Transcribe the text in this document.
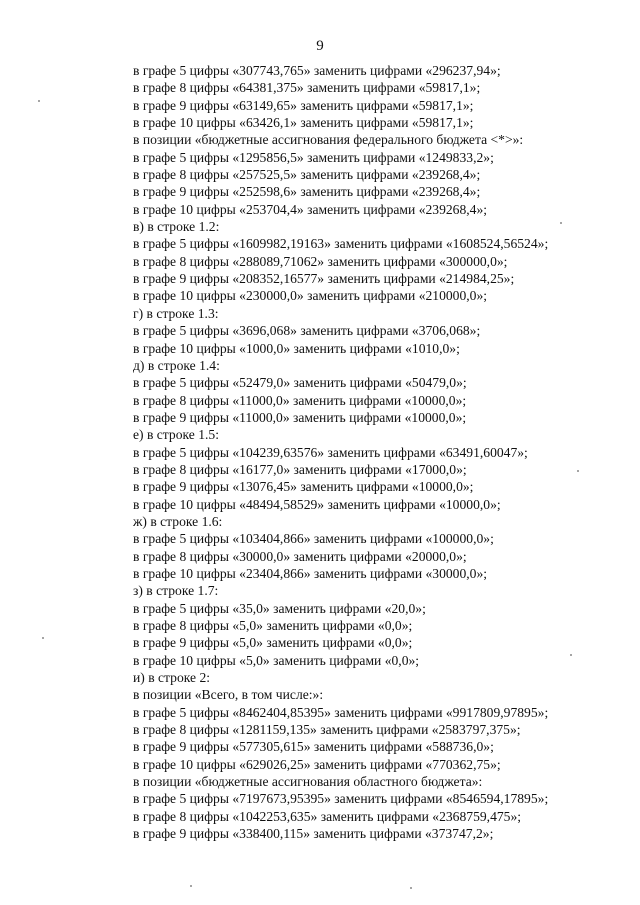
9
в графе 5 цифры «307743,765» заменить цифрами «296237,94»;
в графе 8 цифры «64381,375» заменить цифрами «59817,1»;
в графе 9 цифры «63149,65» заменить цифрами «59817,1»;
в графе 10 цифры «63426,1» заменить цифрами «59817,1»;
в позиции «бюджетные ассигнования федерального бюджета <*>»:
в графе 5 цифры «1295856,5» заменить цифрами «1249833,2»;
в графе 8 цифры «257525,5» заменить цифрами «239268,4»;
в графе 9 цифры «252598,6» заменить цифрами «239268,4»;
в графе 10 цифры «253704,4» заменить цифрами «239268,4»;
в) в строке 1.2:
в графе 5 цифры «1609982,19163» заменить цифрами «1608524,56524»;
в графе 8 цифры «288089,71062» заменить цифрами «300000,0»;
в графе 9 цифры «208352,16577» заменить цифрами «214984,25»;
в графе 10 цифры «230000,0» заменить цифрами «210000,0»;
г) в строке 1.3:
в графе 5 цифры «3696,068» заменить цифрами «3706,068»;
в графе 10 цифры «1000,0» заменить цифрами «1010,0»;
д) в строке 1.4:
в графе 5 цифры «52479,0» заменить цифрами «50479,0»;
в графе 8 цифры «11000,0» заменить цифрами «10000,0»;
в графе 9 цифры «11000,0» заменить цифрами «10000,0»;
е) в строке 1.5:
в графе 5 цифры «104239,63576» заменить цифрами «63491,60047»;
в графе 8 цифры «16177,0» заменить цифрами «17000,0»;
в графе 9 цифры «13076,45» заменить цифрами «10000,0»;
в графе 10 цифры «48494,58529» заменить цифрами «10000,0»;
ж) в строке 1.6:
в графе 5 цифры «103404,866» заменить цифрами «100000,0»;
в графе 8 цифры «30000,0» заменить цифрами «20000,0»;
в графе 10 цифры «23404,866» заменить цифрами «30000,0»;
з) в строке 1.7:
в графе 5 цифры «35,0» заменить цифрами «20,0»;
в графе 8 цифры «5,0» заменить цифрами «0,0»;
в графе 9 цифры «5,0» заменить цифрами «0,0»;
в графе 10 цифры «5,0» заменить цифрами «0,0»;
и) в строке 2:
в позиции «Всего, в том числе:»:
в графе 5 цифры «8462404,85395» заменить цифрами «9917809,97895»;
в графе 8 цифры «1281159,135» заменить цифрами «2583797,375»;
в графе 9 цифры «577305,615» заменить цифрами «588736,0»;
в графе 10 цифры «629026,25» заменить цифрами «770362,75»;
в позиции «бюджетные ассигнования областного бюджета»:
в графе 5 цифры «7197673,95395» заменить цифрами «8546594,17895»;
в графе 8 цифры «1042253,635» заменить цифрами «2368759,475»;
в графе 9 цифры «338400,115» заменить цифрами «373747,2»;
